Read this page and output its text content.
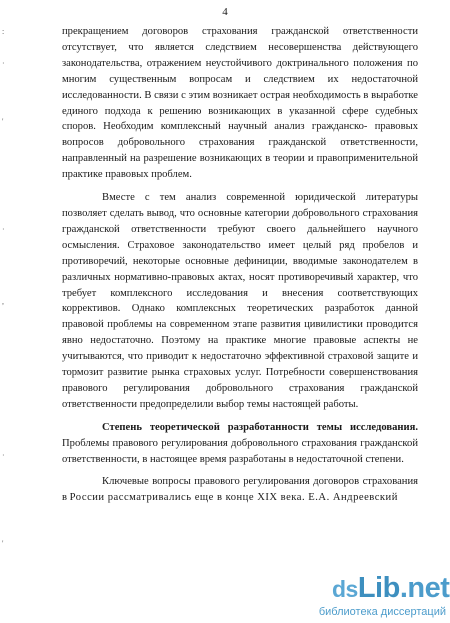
:
·
'
·
,
·
'
4

прекращением договоров страхования гражданской ответственности отсутствует, что является следствием несовершенства действующего законодательства, отражением неустойчивого доктринального положения по многим существенным вопросам и следствием их недостаточной исследованности. В связи с этим возникает острая необходимость в выработке единого подхода к решению возникающих в указанной сфере судебных споров. Необходим комплексный научный анализ гражданско- правовых вопросов добровольного страхования гражданской ответственности, направленный на разрешение возникающих в теории и правоприменительной практике правовых проблем.

Вместе с тем анализ современной юридической литературы позволяет сделать вывод, что основные категории добровольного страхования гражданской ответственности требуют своего дальнейшего научного осмысления. Страховое законодательство имеет целый ряд пробелов и противоречий, некоторые основные дефиниции, вводимые законодателем в различных нормативно-правовых актах, носят противоречивый характер, что требует комплексного исследования и внесения соответствующих коррективов. Однако комплексных теоретических разработок данной правовой проблемы на современном этапе развития цивилистики проводится явно недостаточно. Поэтому на практике многие правовые аспекты не учитываются, что приводит к недостаточно эффективной страховой защите и тормозит развитие рынка страховых услуг. Потребности совершенствования правового регулирования добровольного страхования гражданской ответственности предопределили выбор темы настоящей работы.

Степень теоретической разработанности темы исследования. Проблемы правового регулирования добровольного страхования гражданской ответственности, в настоящее время разработаны в недостаточной степени.

Ключевые вопросы правового регулирования договоров страхования в России рассматривались еще в конце XIX века. Е.А. Андреевский

dsLib.net
библиотека диссертаций
